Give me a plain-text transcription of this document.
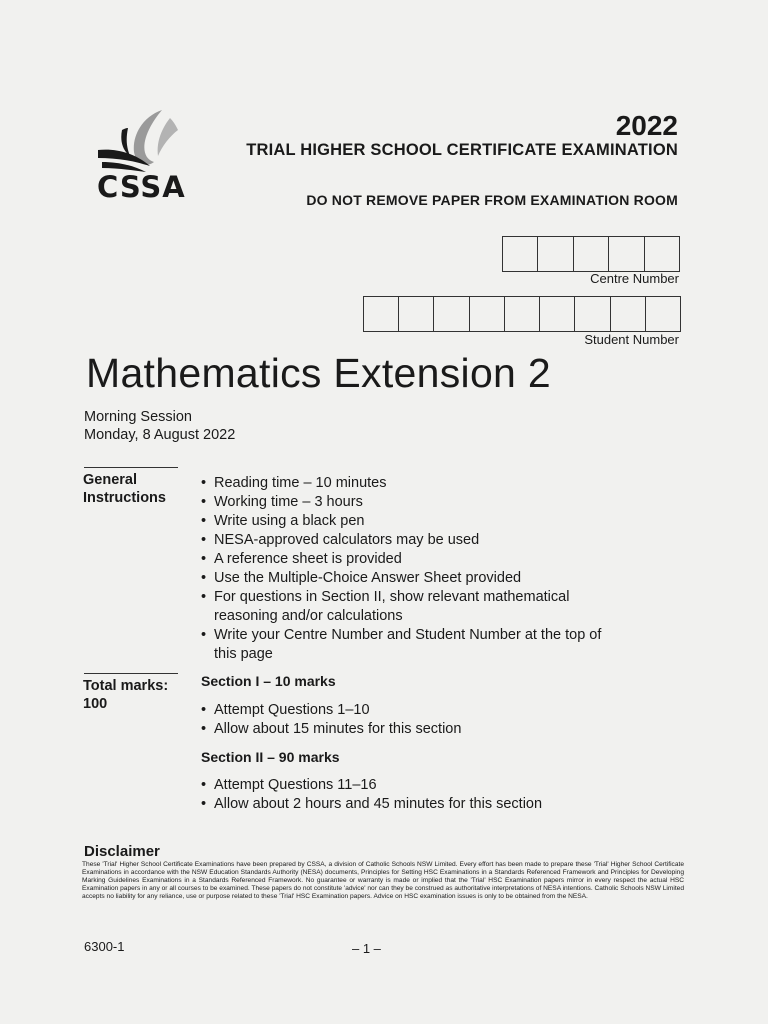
CSSA
2022
TRIAL HIGHER SCHOOL CERTIFICATE EXAMINATION
DO NOT REMOVE PAPER FROM EXAMINATION ROOM
Centre Number
Student Number
Mathematics Extension 2
Morning Session
Monday, 8 August 2022
General Instructions
• Reading time – 10 minutes
• Working time – 3 hours
• Write using a black pen
• NESA-approved calculators may be used
• A reference sheet is provided
• Use the Multiple-Choice Answer Sheet provided
• For questions in Section II, show relevant mathematical reasoning and/or calculations
• Write your Centre Number and Student Number at the top of this page
Total marks:
100
Section I – 10 marks
• Attempt Questions 1–10
• Allow about 15 minutes for this section
Section II – 90 marks
• Attempt Questions 11–16
• Allow about 2 hours and 45 minutes for this section
Disclaimer
These 'Trial' Higher School Certificate Examinations have been prepared by CSSA, a division of Catholic Schools NSW Limited. Every effort has been made to prepare these 'Trial' Higher School Certificate Examinations in accordance with the NSW Education Standards Authority (NESA) documents, Principles for Setting HSC Examinations in a Standards Referenced Framework and Principles for Developing Marking Guidelines Examinations in a Standards Referenced Framework. No guarantee or warranty is made or implied that the 'Trial' HSC Examination papers mirror in every respect the actual HSC Examination papers in any or all courses to be examined. These papers do not constitute 'advice' nor can they be construed as authoritative interpretations of NESA intentions. Catholic Schools NSW Limited accepts no liability for any reliance, use or purpose related to these 'Trial' HSC Examination papers. Advice on HSC examination issues is only to be obtained from the NESA.
6300-1	– 1 –
